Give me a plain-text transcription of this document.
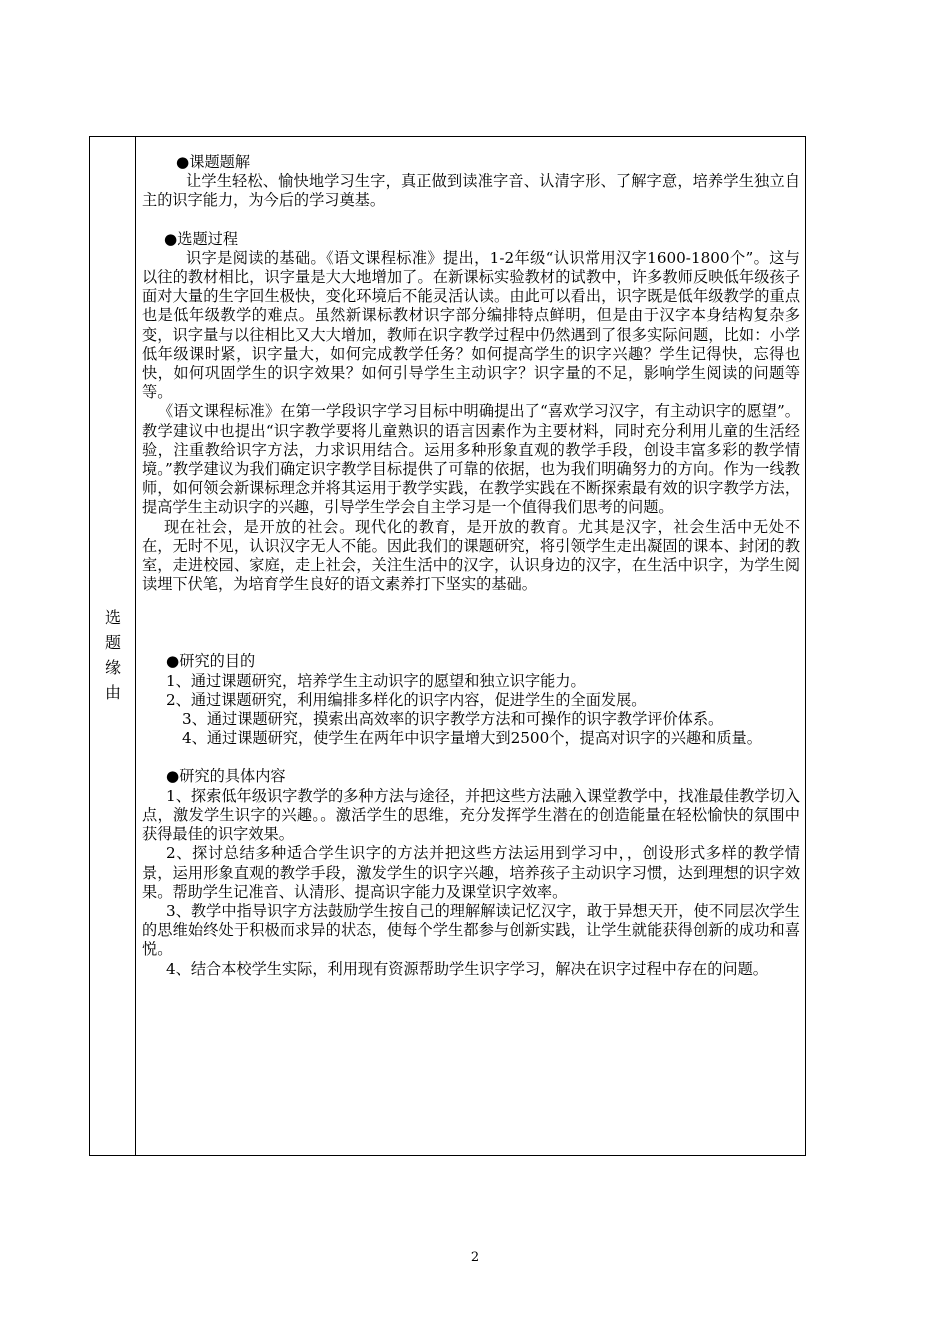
选
题
缘
由

●课题题解

让学生轻松、愉快地学习生字，真正做到读准字音、认清字形、了解字意，培养学生独立自主的识字能力，为今后的学习奠基。

●选题过程

识字是阅读的基础。《语文课程标准》提出，1-2年级“认识常用汉字1600-1800个”。这与以往的教材相比，识字量是大大地增加了。在新课标实验教材的试教中，许多教师反映低年级孩子面对大量的生字回生极快，变化环境后不能灵活认读。由此可以看出，识字既是低年级教学的重点也是低年级教学的难点。虽然新课标教材识字部分编排特点鲜明，但是由于汉字本身结构复杂多变，识字量与以往相比又大大增加，教师在识字教学过程中仍然遇到了很多实际问题，比如：小学低年级课时紧，识字量大，如何完成教学任务？如何提高学生的识字兴趣？学生记得快，忘得也快，如何巩固学生的识字效果？如何引导学生主动识字？识字量的不足，影响学生阅读的问题等等。

《语文课程标准》在第一学段识字学习目标中明确提出了“喜欢学习汉字，有主动识字的愿望”。教学建议中也提出“识字教学要将儿童熟识的语言因素作为主要材料，同时充分利用儿童的生活经验，注重教给识字方法，力求识用结合。运用多种形象直观的教学手段，创设丰富多彩的教学情境。”教学建议为我们确定识字教学目标提供了可靠的依据，也为我们明确努力的方向。作为一线教师，如何领会新课标理念并将其运用于教学实践，在教学实践在不断探索最有效的识字教学方法，提高学生主动识字的兴趣，引导学生学会自主学习是一个值得我们思考的问题。

现在社会，是开放的社会。现代化的教育，是开放的教育。尤其是汉字，社会生活中无处不在，无时不见，认识汉字无人不能。因此我们的课题研究，将引领学生走出凝固的课本、封闭的教室，走进校园、家庭，走上社会，关注生活中的汉字，认识身边的汉字，在生活中识字，为学生阅读埋下伏笔，为培育学生良好的语文素养打下坚实的基础。

●研究的目的

1、通过课题研究，培养学生主动识字的愿望和独立识字能力。

2、通过课题研究，利用编排多样化的识字内容，促进学生的全面发展。

3、通过课题研究，摸索出高效率的识字教学方法和可操作的识字教学评价体系。

4、通过课题研究，使学生在两年中识字量增大到2500个，提高对识字的兴趣和质量。

●研究的具体内容

1、探索低年级识字教学的多种方法与途径，并把这些方法融入课堂教学中，找准最佳教学切入点，激发学生识字的兴趣。。激活学生的思维，充分发挥学生潜在的创造能量在轻松愉快的氛围中获得最佳的识字效果。

2、探讨总结多种适合学生识字的方法并把这些方法运用到学习中，，创设形式多样的教学情景，运用形象直观的教学手段，激发学生的识字兴趣，培养孩子主动识字习惯，达到理想的识字效果。帮助学生记准音、认清形、提高识字能力及课堂识字效率。

3、教学中指导识字方法鼓励学生按自己的理解解读记忆汉字，敢于异想天开，使不同层次学生的思维始终处于积极而求异的状态，使每个学生都参与创新实践，让学生就能获得创新的成功和喜悦。

4、结合本校学生实际，利用现有资源帮助学生识字学习，解决在识字过程中存在的问题。

2
